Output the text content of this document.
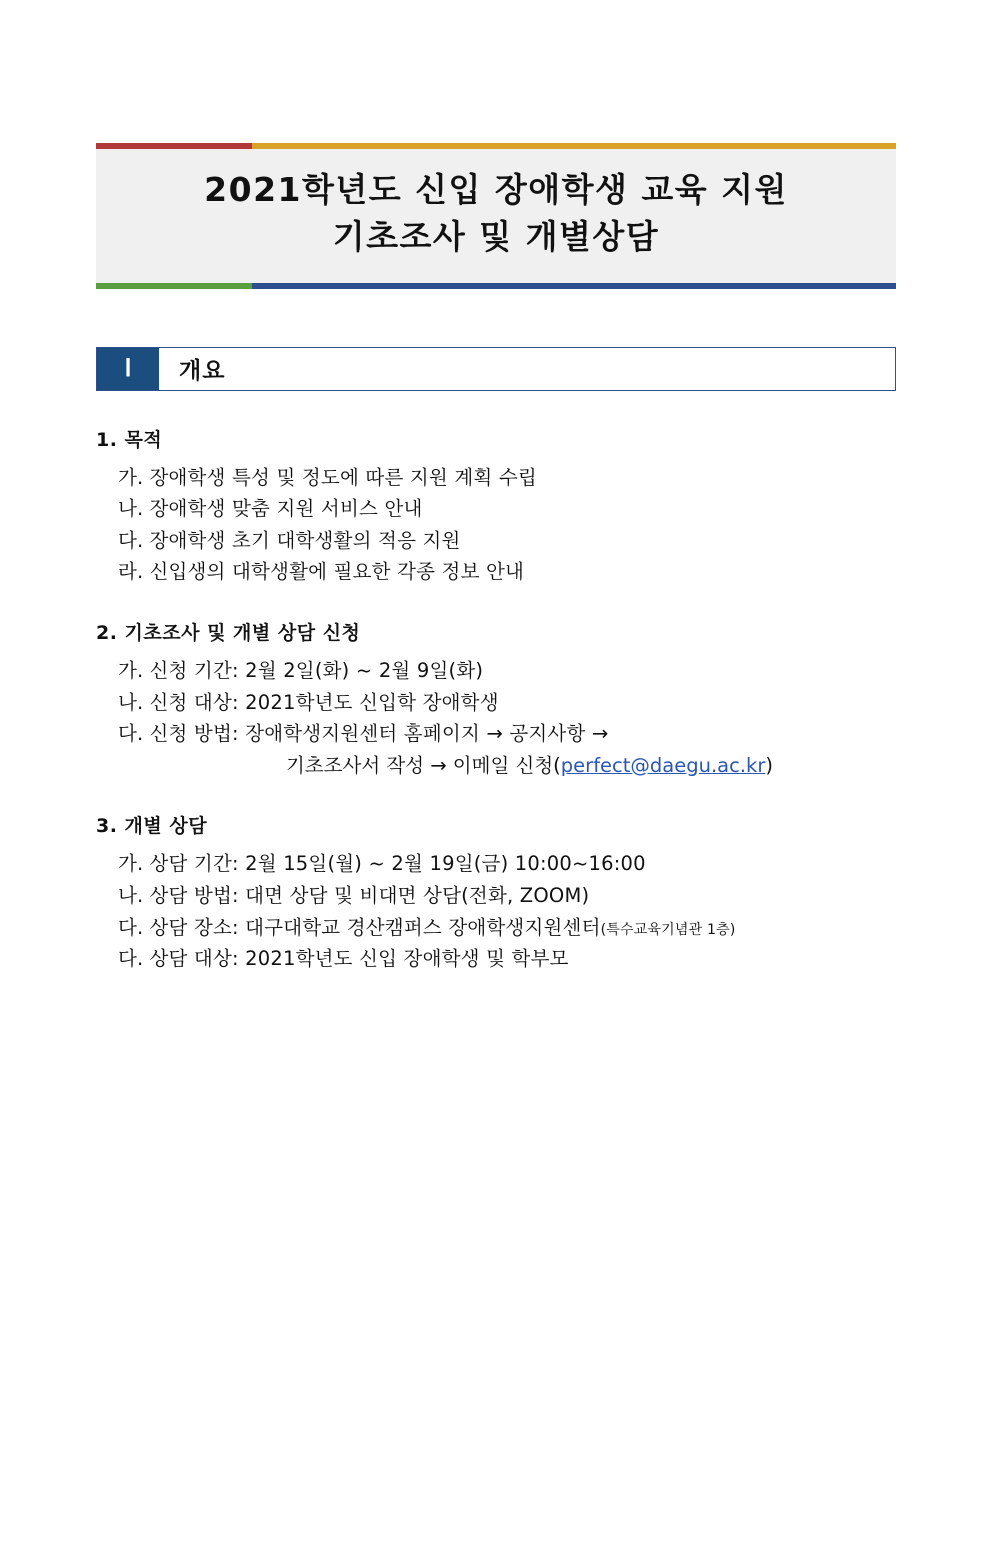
2021학년도 신입 장애학생 교육 지원
기초조사 및 개별상담
Ⅰ	개요
1. 목적
가. 장애학생 특성 및 정도에 따른 지원 계획 수립
나. 장애학생 맞춤 지원 서비스 안내
다. 장애학생 초기 대학생활의 적응 지원
라. 신입생의 대학생활에 필요한 각종 정보 안내
2. 기초조사 및 개별 상담 신청
가. 신청 기간: 2월 2일(화) ~ 2월 9일(화)
나. 신청 대상: 2021학년도 신입학 장애학생
다. 신청 방법: 장애학생지원센터 홈페이지 → 공지사항 →
기초조사서 작성 → 이메일 신청(perfect@daegu.ac.kr)
3. 개별 상담
가. 상담 기간: 2월 15일(월) ~ 2월 19일(금) 10:00~16:00
나. 상담 방법: 대면 상담 및 비대면 상담(전화, ZOOM)
다. 상담 장소: 대구대학교 경산캠퍼스 장애학생지원센터(특수교육기념관 1층)
다. 상담 대상: 2021학년도 신입 장애학생 및 학부모
